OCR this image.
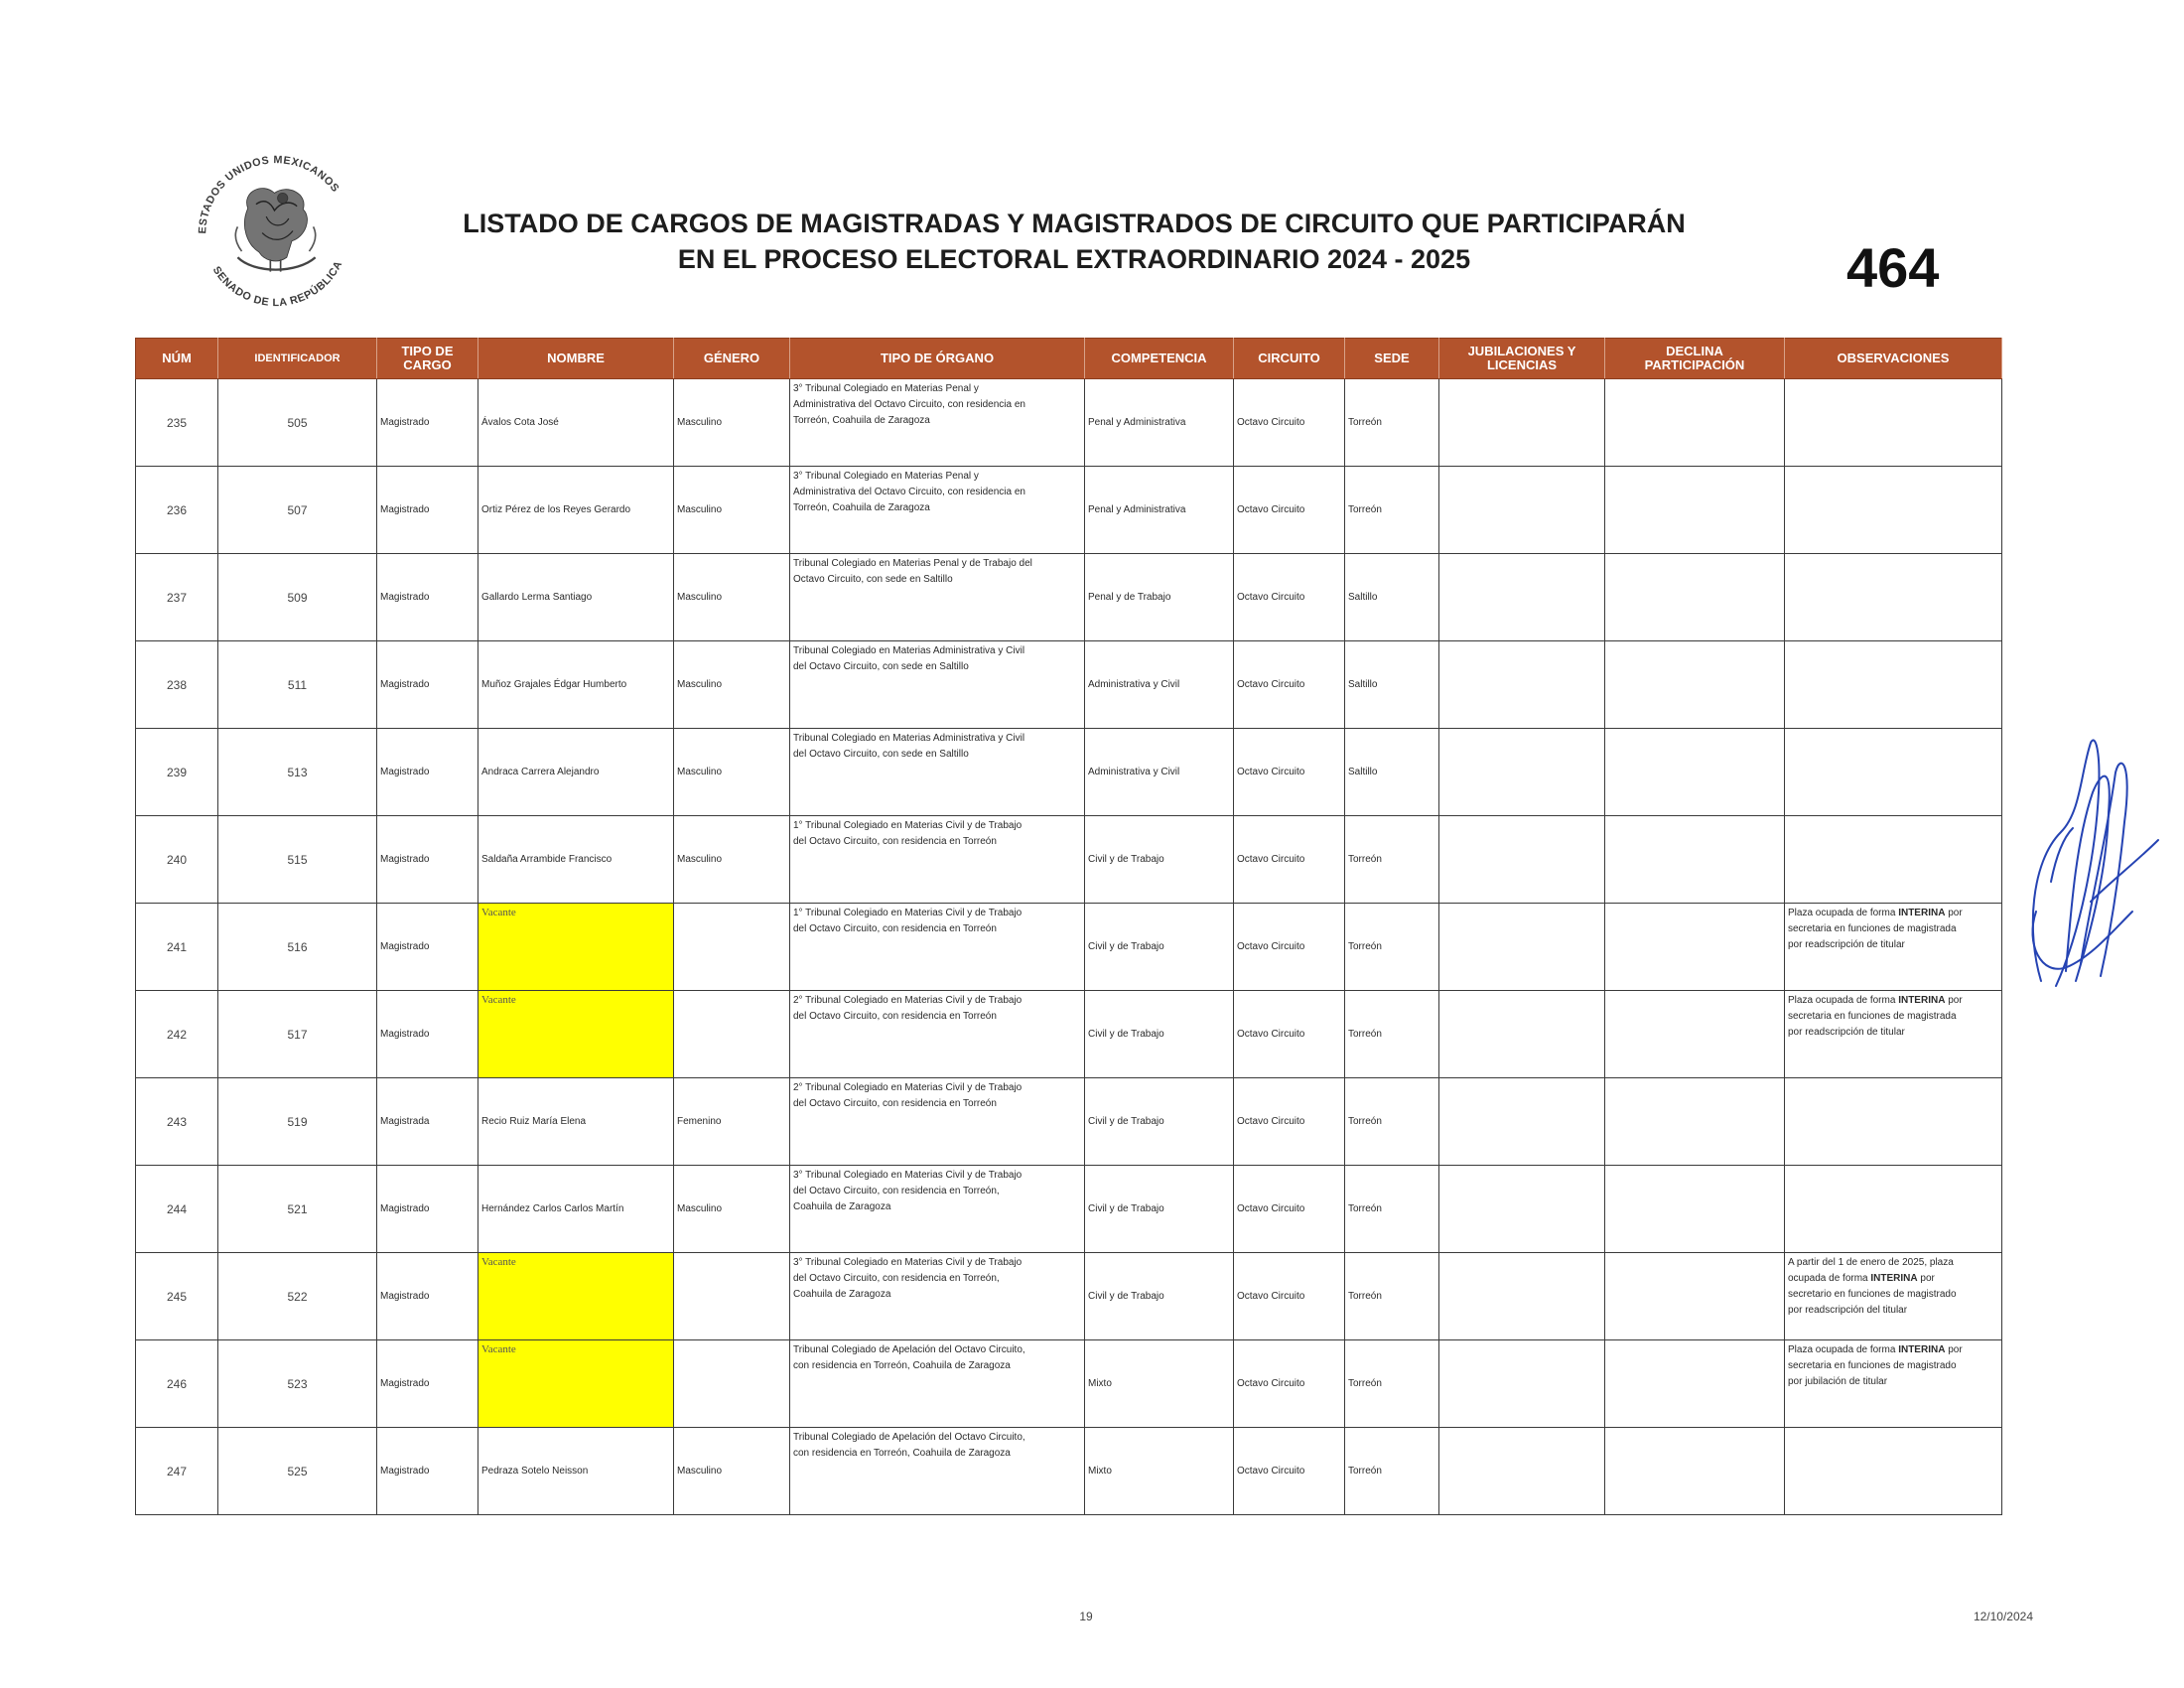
ESTADOS UNIDOS MEXICANOS
SENADO DE LA REPÚBLICA
LISTADO DE CARGOS DE MAGISTRADAS Y MAGISTRADOS DE CIRCUITO QUE PARTICIPARÁN
EN EL PROCESO ELECTORAL EXTRAORDINARIO 2024 - 2025	464
NÚM	IDENTIFICADOR	TIPO DE
CARGO	NOMBRE	GÉNERO	TIPO DE ÓRGANO	COMPETENCIA	CIRCUITO	SEDE	JUBILACIONES Y
LICENCIAS	DECLINA
PARTICIPACIÓN	OBSERVACIONES
235	505	Magistrado	Ávalos Cota José	Masculino	3° Tribunal Colegiado en Materias Penal y
Administrativa del Octavo Circuito, con residencia en
Torreón, Coahuila de Zaragoza	Penal y Administrativa	Octavo Circuito	Torreón			
236	507	Magistrado	Ortiz Pérez de los Reyes Gerardo	Masculino	3° Tribunal Colegiado en Materias Penal y
Administrativa del Octavo Circuito, con residencia en
Torreón, Coahuila de Zaragoza	Penal y Administrativa	Octavo Circuito	Torreón			
237	509	Magistrado	Gallardo Lerma Santiago	Masculino	Tribunal Colegiado en Materias Penal y de Trabajo del
Octavo Circuito, con sede en Saltillo	Penal y de Trabajo	Octavo Circuito	Saltillo			
238	511	Magistrado	Muñoz Grajales Édgar Humberto	Masculino	Tribunal Colegiado en Materias Administrativa y Civil
del Octavo Circuito, con sede en Saltillo	Administrativa y Civil	Octavo Circuito	Saltillo			
239	513	Magistrado	Andraca Carrera Alejandro	Masculino	Tribunal Colegiado en Materias Administrativa y Civil
del Octavo Circuito, con sede en Saltillo	Administrativa y Civil	Octavo Circuito	Saltillo			
240	515	Magistrado	Saldaña Arrambide Francisco	Masculino	1° Tribunal Colegiado en Materias Civil y de Trabajo
del Octavo Circuito, con residencia en Torreón	Civil y de Trabajo	Octavo Circuito	Torreón			
241	516	Magistrado	Vacante		1° Tribunal Colegiado en Materias Civil y de Trabajo
del Octavo Circuito, con residencia en Torreón	Civil y de Trabajo	Octavo Circuito	Torreón			Plaza ocupada de forma INTERINA por
secretaria en funciones de magistrada
por readscripción de titular
242	517	Magistrado	Vacante		2° Tribunal Colegiado en Materias Civil y de Trabajo
del Octavo Circuito, con residencia en Torreón	Civil y de Trabajo	Octavo Circuito	Torreón			Plaza ocupada de forma INTERINA por
secretaria en funciones de magistrada
por readscripción de titular
243	519	Magistrada	Recio Ruiz María Elena	Femenino	2° Tribunal Colegiado en Materias Civil y de Trabajo
del Octavo Circuito, con residencia en Torreón	Civil y de Trabajo	Octavo Circuito	Torreón			
244	521	Magistrado	Hernández Carlos Carlos Martín	Masculino	3° Tribunal Colegiado en Materias Civil y de Trabajo
del Octavo Circuito, con residencia en Torreón,
Coahuila de Zaragoza	Civil y de Trabajo	Octavo Circuito	Torreón			
245	522	Magistrado	Vacante		3° Tribunal Colegiado en Materias Civil y de Trabajo
del Octavo Circuito, con residencia en Torreón,
Coahuila de Zaragoza	Civil y de Trabajo	Octavo Circuito	Torreón			A partir del 1 de enero de 2025, plaza
ocupada de forma INTERINA por
secretario en funciones de magistrado
por readscripción del titular
246	523	Magistrado	Vacante		Tribunal Colegiado de Apelación del Octavo Circuito,
con residencia en Torreón, Coahuila de Zaragoza	Mixto	Octavo Circuito	Torreón			Plaza ocupada de forma INTERINA por
secretaria en funciones de magistrado
por jubilación de titular
247	525	Magistrado	Pedraza Sotelo Neisson	Masculino	Tribunal Colegiado de Apelación del Octavo Circuito,
con residencia en Torreón, Coahuila de Zaragoza	Mixto	Octavo Circuito	Torreón			
19	12/10/2024
